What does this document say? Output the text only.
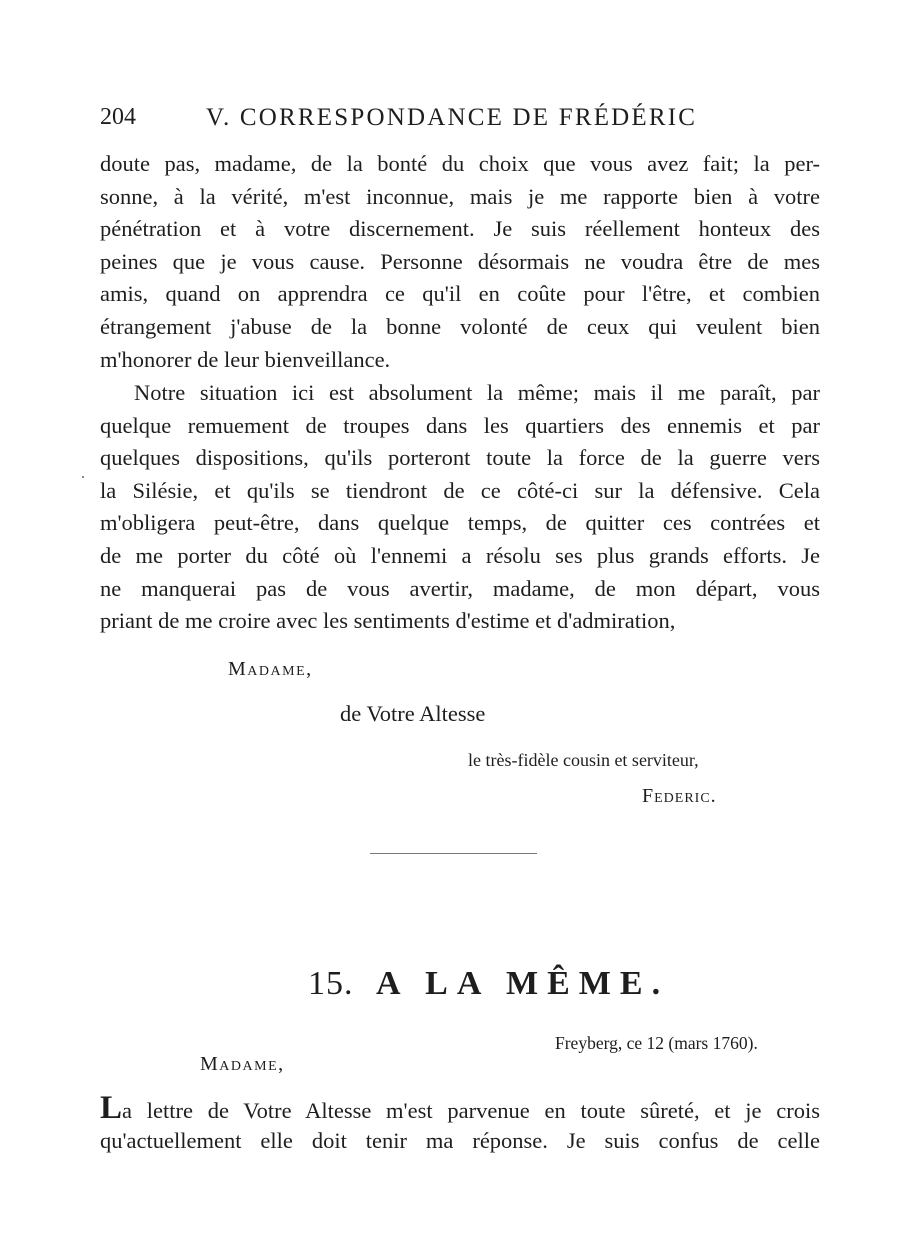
204	V. CORRESPONDANCE DE FRÉDÉRIC
doute pas, madame, de la bonté du choix que vous avez fait; la per-
sonne, à la vérité, m'est inconnue, mais je me rapporte bien à votre
pénétration et à votre discernement. Je suis réellement honteux des
peines que je vous cause. Personne désormais ne voudra être de mes
amis, quand on apprendra ce qu'il en coûte pour l'être, et combien
étrangement j'abuse de la bonne volonté de ceux qui veulent bien
m'honorer de leur bienveillance.
Notre situation ici est absolument la même; mais il me paraît, par
quelque remuement de troupes dans les quartiers des ennemis et par
quelques dispositions, qu'ils porteront toute la force de la guerre vers
la Silésie, et qu'ils se tiendront de ce côté-ci sur la défensive. Cela
m'obligera peut-être, dans quelque temps, de quitter ces contrées et
de me porter du côté où l'ennemi a résolu ses plus grands efforts. Je
ne manquerai pas de vous avertir, madame, de mon départ, vous
priant de me croire avec les sentiments d'estime et d'admiration,
Madame,
de Votre Altesse
le très-fidèle cousin et serviteur,
Federic.
15. A LA MÊME.
Freyberg, ce 12 (mars 1760).
Madame,
La lettre de Votre Altesse m'est parvenue en toute sûreté, et je crois
qu'actuellement elle doit tenir ma réponse. Je suis confus de celle
